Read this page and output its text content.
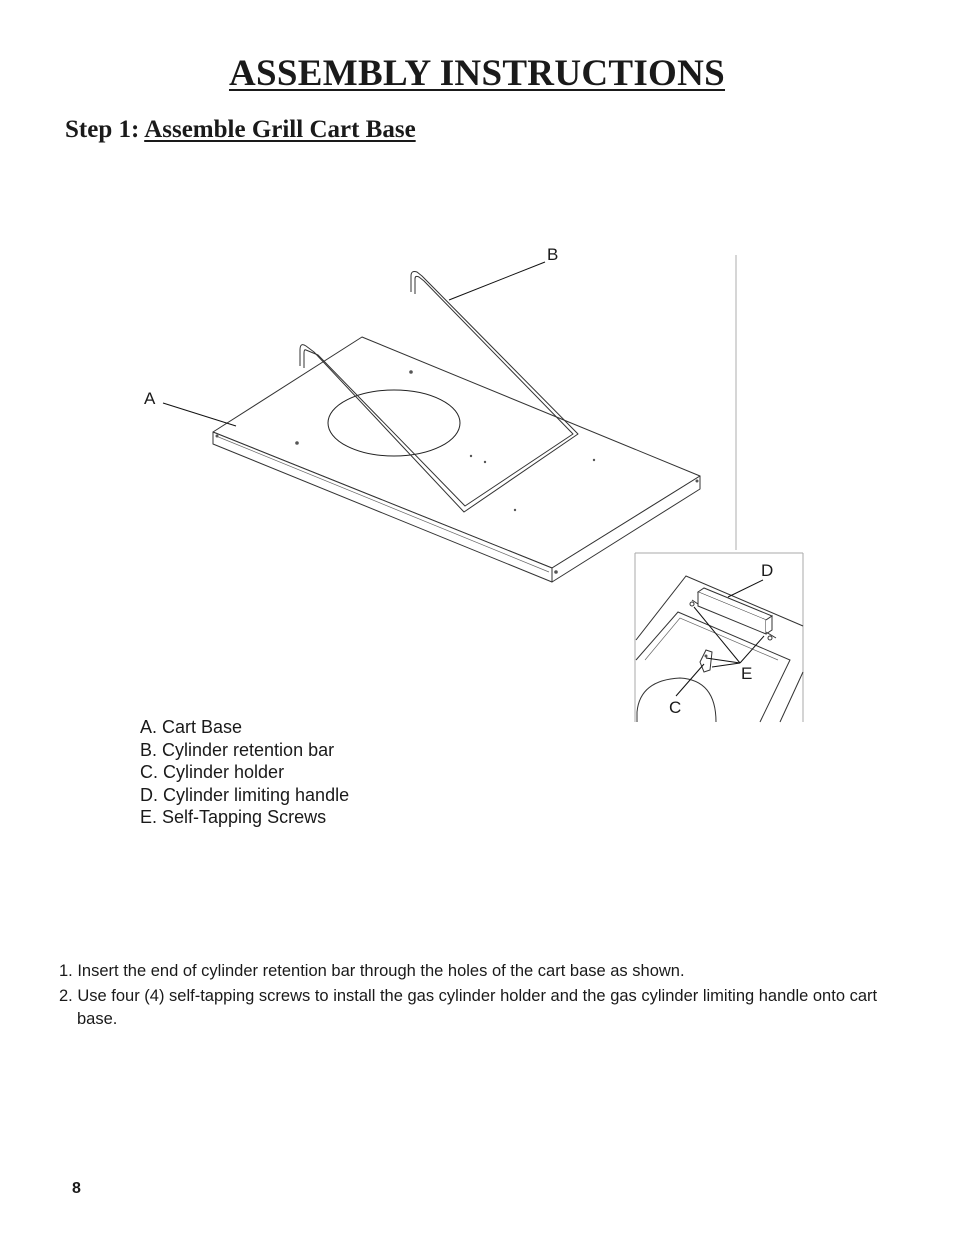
ASSEMBLY INSTRUCTIONS
Step 1: Assemble Grill Cart Base
A
B
C
D
E
A. Cart Base
B. Cylinder retention bar
C. Cylinder holder
D. Cylinder limiting handle
E. Self-Tapping Screws
1. Insert the end of cylinder retention bar through the holes of the cart base as shown.
2. Use four (4) self-tapping screws to install the gas cylinder holder and the gas cylinder limiting handle onto cart base.
8
